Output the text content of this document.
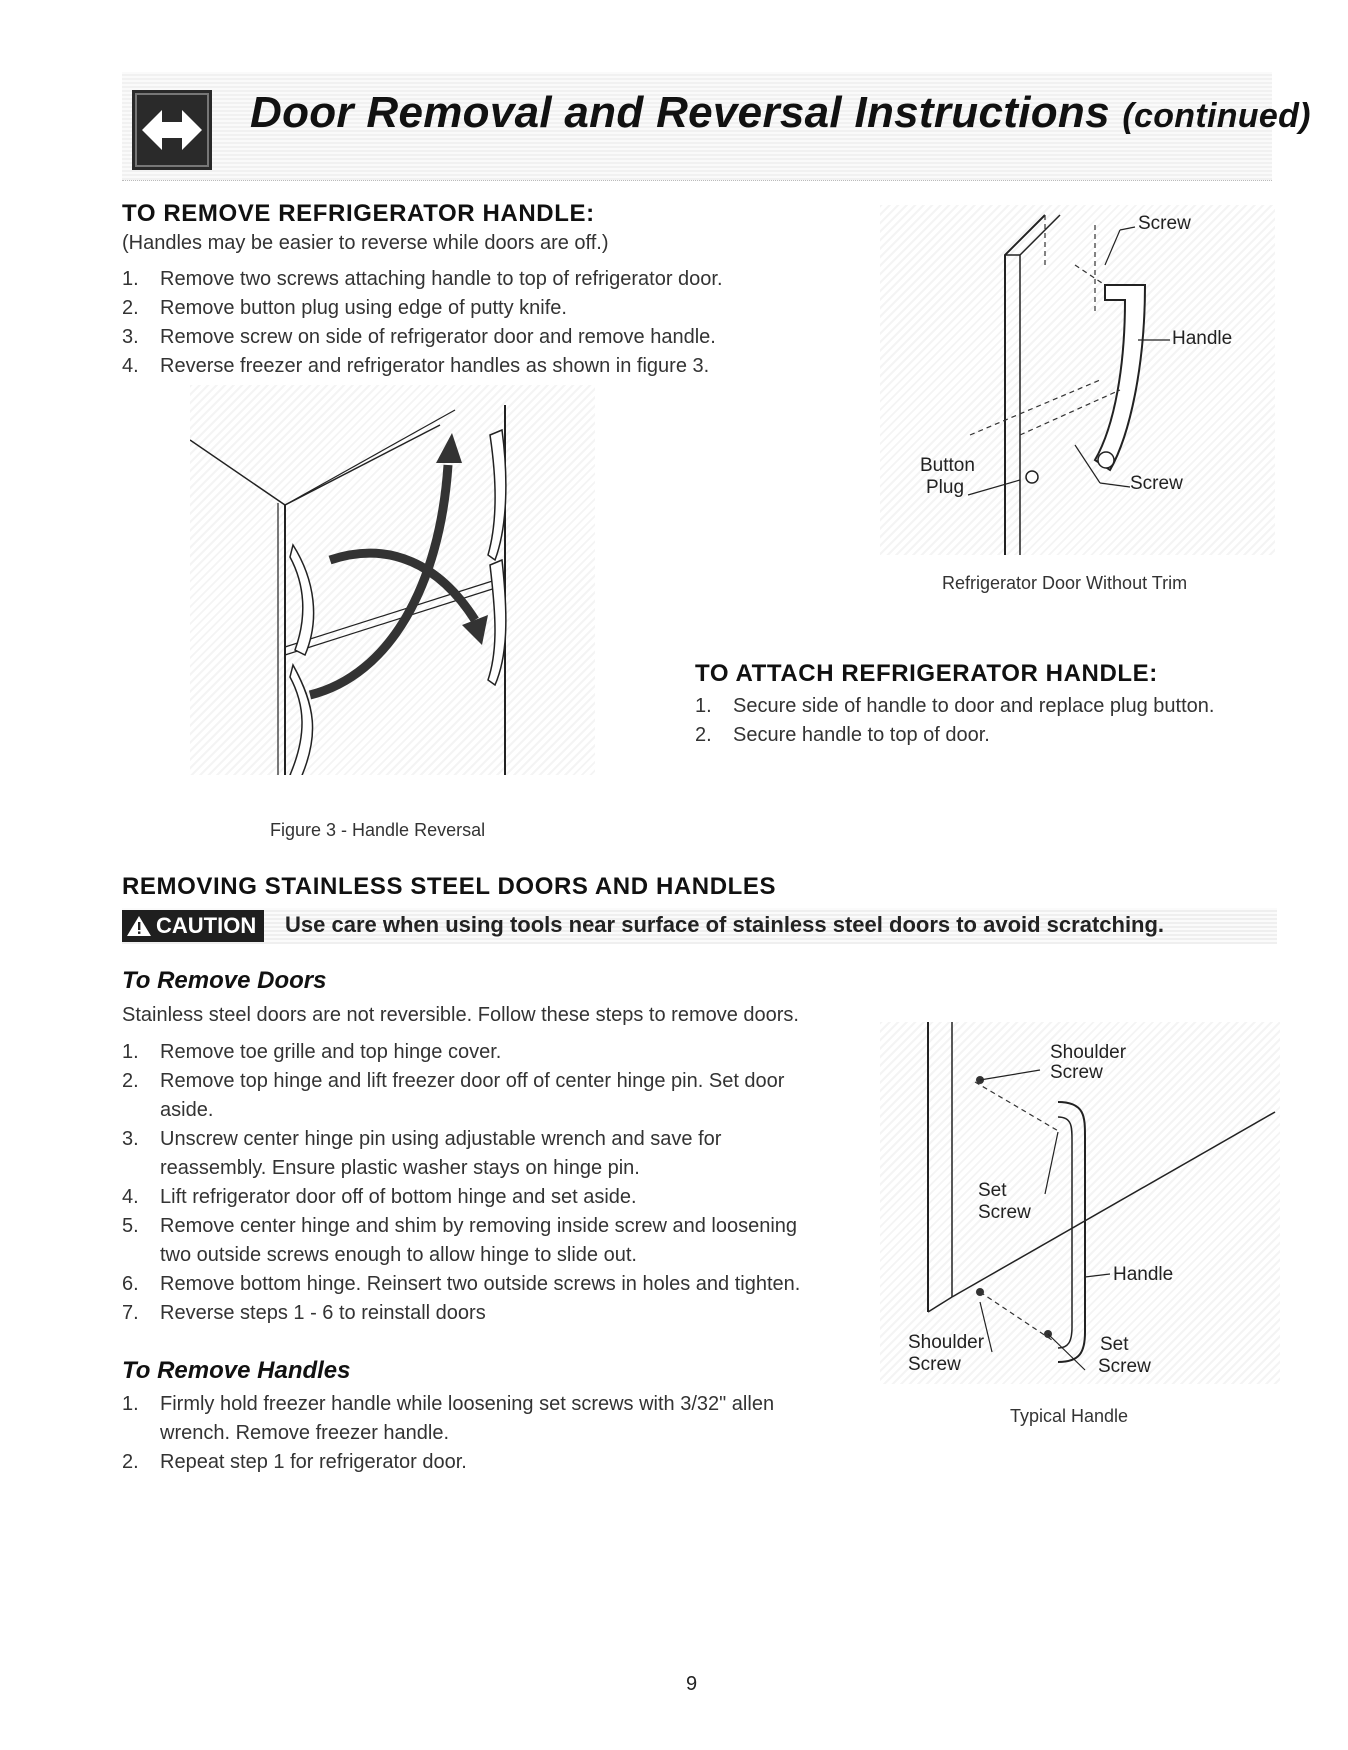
Door Removal and Reversal Instructions (continued)
TO REMOVE REFRIGERATOR HANDLE:
(Handles may be easier to reverse while doors are off.)
1. Remove two screws attaching handle to top of refrigerator door.
2. Remove button plug using edge of putty knife.
3. Remove screw on side of refrigerator door and remove handle.
4. Reverse freezer and refrigerator handles as shown in figure 3.
Screw
Handle
Button
Plug	Screw
Refrigerator Door Without Trim
Figure 3 - Handle Reversal
TO ATTACH REFRIGERATOR HANDLE:
1. Secure side of handle to door and replace plug button.
2. Secure handle to top of door.
REMOVING STAINLESS STEEL DOORS AND HANDLES
CAUTION Use care when using tools near surface of stainless steel doors to avoid scratching.
To Remove Doors
Stainless steel doors are not reversible. Follow these steps to remove doors.
1. Remove toe grille and top hinge cover.
2. Remove top hinge and lift freezer door off of center hinge pin. Set door
aside.
3. Unscrew center hinge pin using adjustable wrench and save for
reassembly. Ensure plastic washer stays on hinge pin.
4. Lift refrigerator door off of bottom hinge and set aside.
5. Remove center hinge and shim by removing inside screw and loosening
two outside screws enough to allow hinge to slide out.
6. Remove bottom hinge. Reinsert two outside screws in holes and tighten.
7. Reverse steps 1 - 6 to reinstall doors
To Remove Handles
1. Firmly hold freezer handle while loosening set screws with 3/32" allen
wrench. Remove freezer handle.
2. Repeat step 1 for refrigerator door.
Shoulder
Screw
Set
Screw
Handle
Shoulder
Screw
Set
Screw
Typical Handle
9
